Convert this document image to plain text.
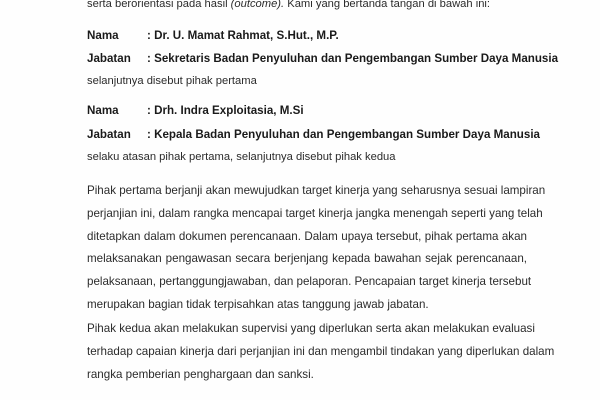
serta berorientasi pada hasil (outcome). Kami yang bertanda tangan di bawah ini:
Nama	: Dr. U. Mamat Rahmat, S.Hut., M.P.
Jabatan	: Sekretaris Badan Penyuluhan dan Pengembangan Sumber Daya Manusia
selanjutnya disebut pihak pertama
Nama	: Drh. Indra Exploitasia, M.Si
Jabatan	: Kepala Badan Penyuluhan dan Pengembangan Sumber Daya Manusia
selaku atasan pihak pertama, selanjutnya disebut pihak kedua
Pihak pertama berjanji akan mewujudkan target kinerja yang seharusnya sesuai lampiran
perjanjian ini, dalam rangka mencapai target kinerja jangka menengah seperti yang telah
ditetapkan dalam dokumen perencanaan. Dalam upaya tersebut, pihak pertama akan
melaksanakan pengawasan secara berjenjang kepada bawahan sejak perencanaan,
pelaksanaan, pertanggungjawaban, dan pelaporan. Pencapaian target kinerja tersebut
merupakan bagian tidak terpisahkan atas tanggung jawab jabatan.
Pihak kedua akan melakukan supervisi yang diperlukan serta akan melakukan evaluasi
terhadap capaian kinerja dari perjanjian ini dan mengambil tindakan yang diperlukan dalam
rangka pemberian penghargaan dan sanksi.
